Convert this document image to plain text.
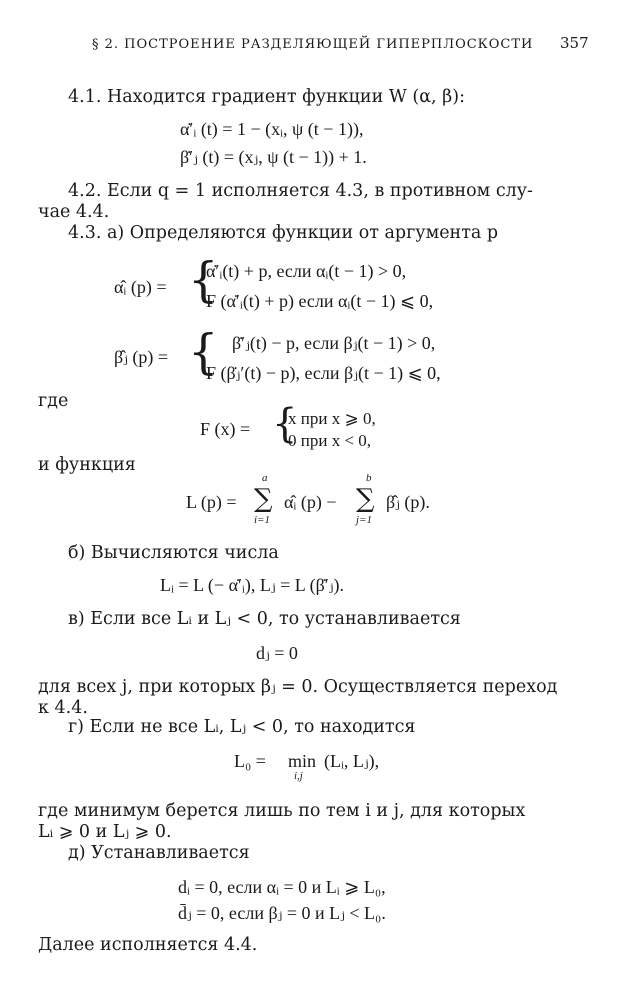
§ 2. ПОСТРОЕНИЕ РАЗДЕЛЯЮЩЕЙ ГИПЕРПЛОСКОСТИ 357
4.1. Находится градиент функции W (α, β):
α̇′ᵢ (t) = 1 − (xᵢ, ψ (t − 1)),
β̇′ⱼ (t) = (xⱼ, ψ (t − 1)) + 1.
4.2. Если q = 1 исполняется 4.3, в противном слу-
чае 4.4.
4.3. а) Определяются функции от аргумента p
α̂ᵢ (p) = {
α̇′ᵢ(t) + p, если αᵢ(t − 1) > 0,
F (α̇′ᵢ(t) + p) если αᵢ(t − 1) ⩽ 0,
β̂ⱼ (p) = { β̇′ⱼ(t) − p, если βⱼ(t − 1) > 0,
F (β̇ⱼ′(t) − p), если βⱼ(t − 1) ⩽ 0,
где
F (x) = {
x при x ⩾ 0,
0 при x < 0,
и функция
L (p) =
a
∑
i=1
α̂ᵢ (p) −
b
∑
j=1
β̂ⱼ (p).
б) Вычисляются числа
Lᵢ = L (− α̇′ᵢ), Lⱼ = L (β̇′ⱼ).
в) Если все Lᵢ и Lⱼ < 0, то устанавливается
dⱼ = 0
для всех j, при которых βⱼ = 0. Осуществляется переход
к 4.4.
г) Если не все Lᵢ, Lⱼ < 0, то находится
L₀ = min
i,j
(Lᵢ, Lⱼ),
где минимум берется лишь по тем i и j, для которых
Lᵢ ⩾ 0 и Lⱼ ⩾ 0.
д) Устанавливается
dᵢ = 0, если αᵢ = 0 и Lᵢ ⩾ L₀,
d̄ⱼ = 0, если βⱼ = 0 и Lⱼ < L₀.
Далее исполняется 4.4.
